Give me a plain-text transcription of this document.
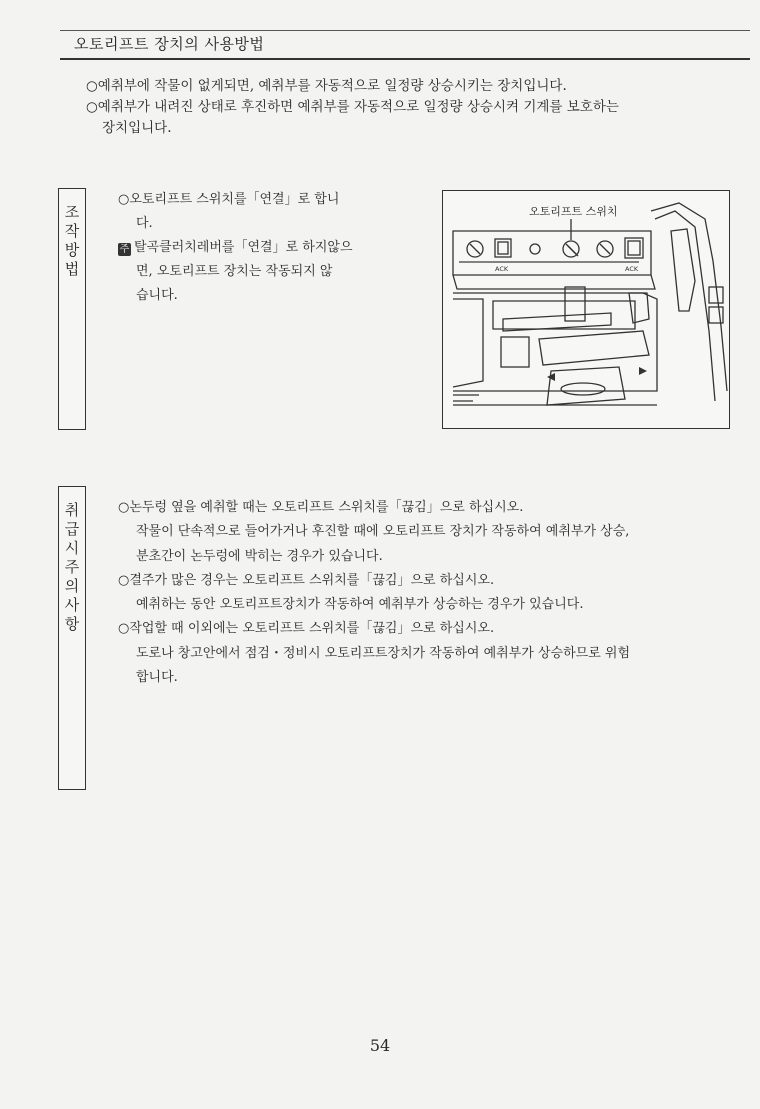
오토리프트 장치의 사용방법

○예취부에 작물이 없게되면, 예취부를 자동적으로 일정량 상승시키는 장치입니다.

○예취부가 내려진 상태로 후진하면 예취부를 자동적으로 일정량 상승시켜 기계를 보호하는

장치입니다.

조작방법

○오토리프트 스위치를「연결」로 합니

다.

주 탈곡클러치레버를「연결」로 하지않으

면, 오토리프트 장치는 작동되지 않

습니다.

ACK	ACK
오토리프트 스위치
취급시 주의사항

○논두렁 옆을 예취할 때는 오토리프트 스위치를「끊김」으로 하십시오.

작물이 단속적으로 들어가거나 후진할 때에 오토리프트 장치가 작동하여 예취부가 상승,

분초간이 논두렁에 박히는 경우가 있습니다.

○결주가 많은 경우는 오토리프트 스위치를「끊김」으로 하십시오.

예취하는 동안 오토리프트장치가 작동하여 예취부가 상승하는 경우가 있습니다.

○작업할 때 이외에는 오토리프트 스위치를「끊김」으로 하십시오.

도로나 창고안에서 점검・정비시 오토리프트장치가 작동하여 예취부가 상승하므로 위험

합니다.

54
